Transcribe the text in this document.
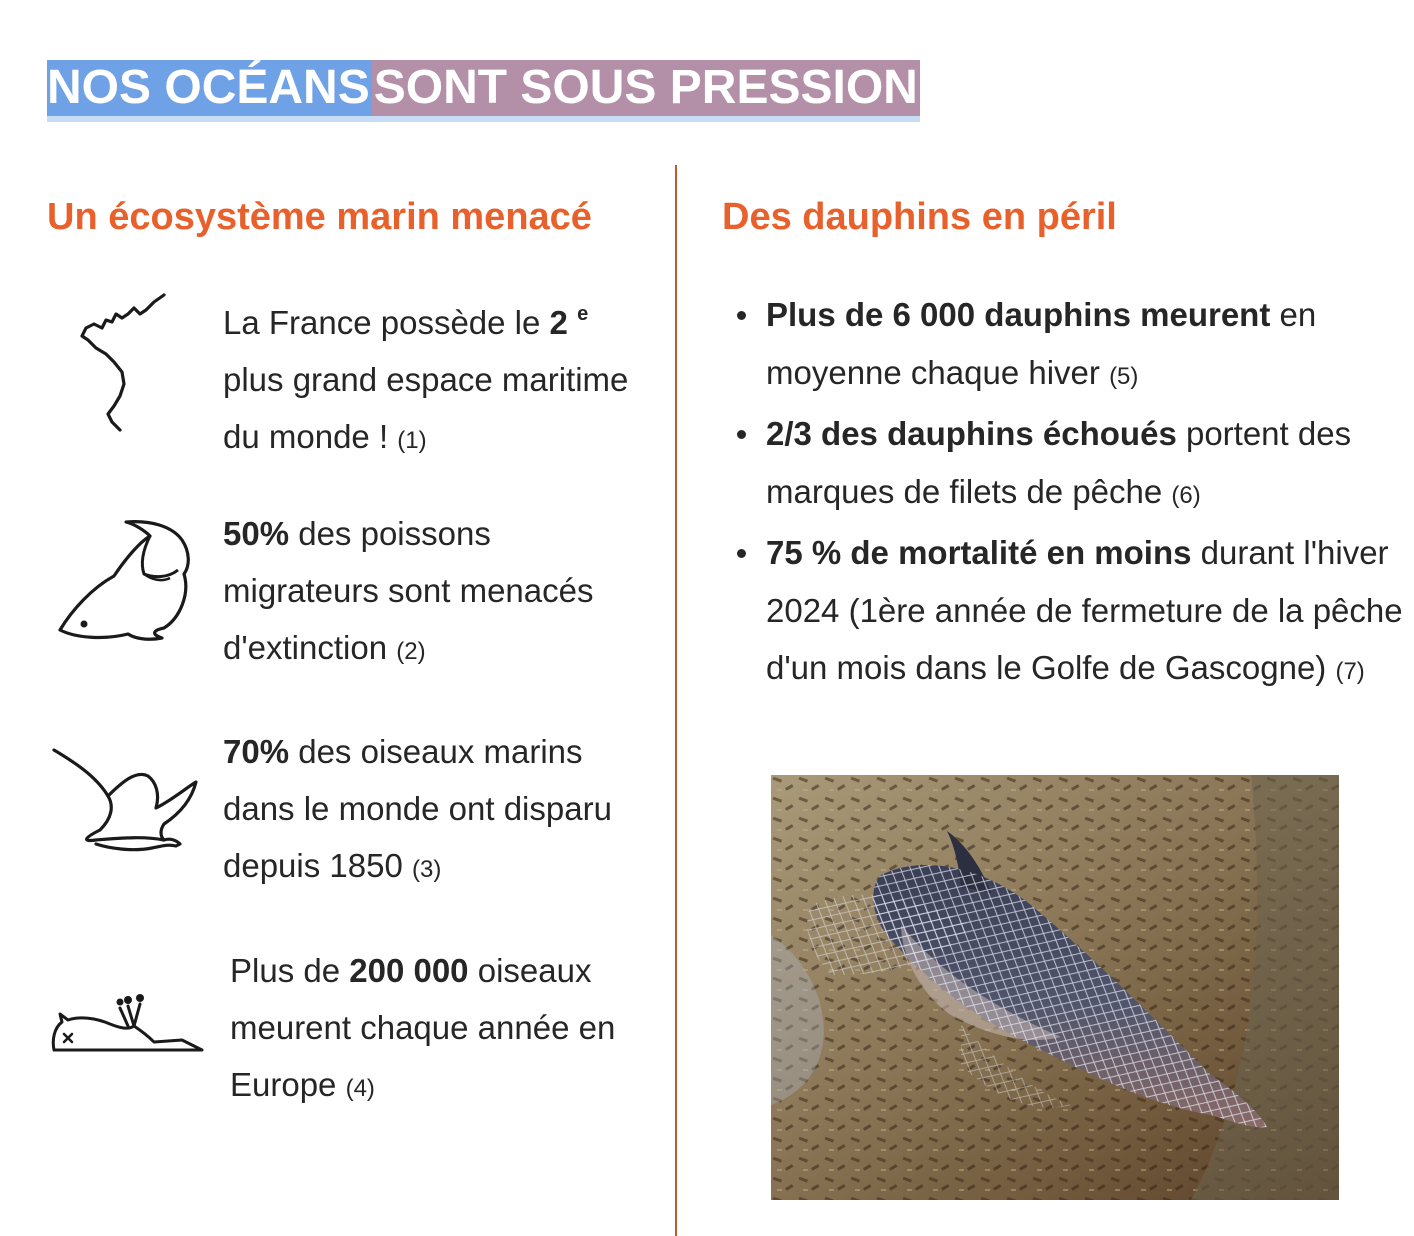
NOS OCÉANS SONT SOUS PRESSION
Un écosystème marin menacé	Des dauphins en péril
La France possède le 2 $^e$ plus grand espace maritime du monde ! (1)
50% des poissons migrateurs sont menacés d'extinction (2)
70% des oiseaux marins dans le monde ont disparu depuis 1850 (3)
Plus de 200 000 oiseaux meurent chaque année en Europe (4)
Plus de 6 000 dauphins meurent en moyenne chaque hiver (5)
2/3 des dauphins échoués portent des marques de filets de pêche (6)
75 % de mortalité en moins durant l'hiver 2024 (1ère année de fermeture de la pêche d'un mois dans le Golfe de Gascogne) (7)
